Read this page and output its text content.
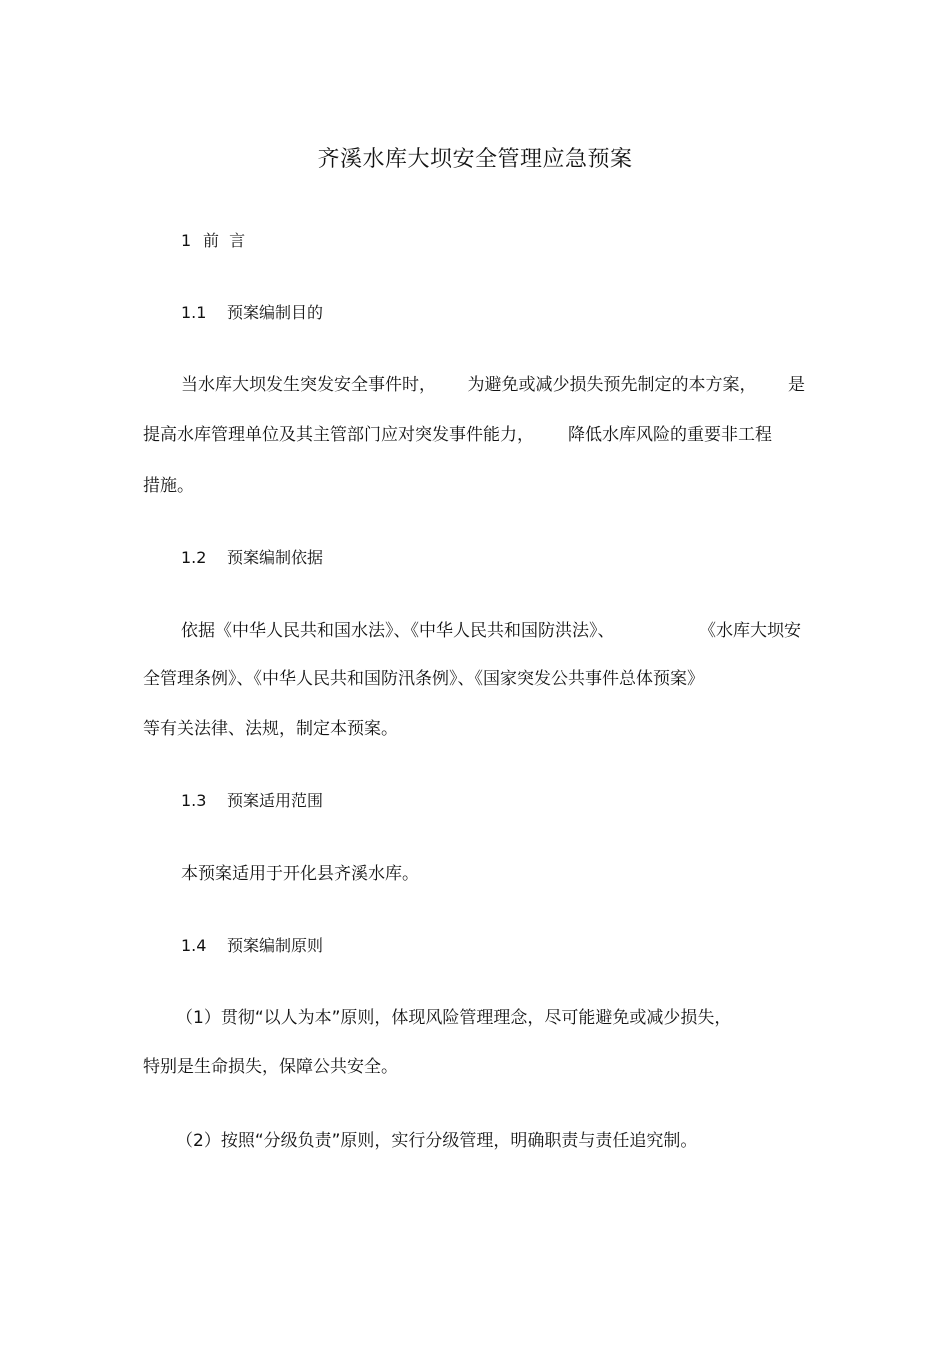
齐溪水库大坝安全管理应急预案
1 前  言
1.1 预案编制目的
当水库大坝发生突发安全事件时， 为避免或减少损失预先制定的本方案， 是
提高水库管理单位及其主管部门应对突发事件能力， 降低水库风险的重要非工程
措施。
1.2 预案编制依据
依据《中华人民共和国水法》、《中华人民共和国防洪法》、	《水库大坝安
全管理条例》、《中华人民共和国防汛条例》、《国家突发公共事件总体预案》
等有关法律、法规，制定本预案。
1.3 预案适用范围
本预案适用于开化县齐溪水库。
1.4 预案编制原则
（1）贯彻“以人为本”原则，体现风险管理理念，尽可能避免或减少损失，
特别是生命损失，保障公共安全。
（2）按照“分级负责”原则，实行分级管理，明确职责与责任追究制。
